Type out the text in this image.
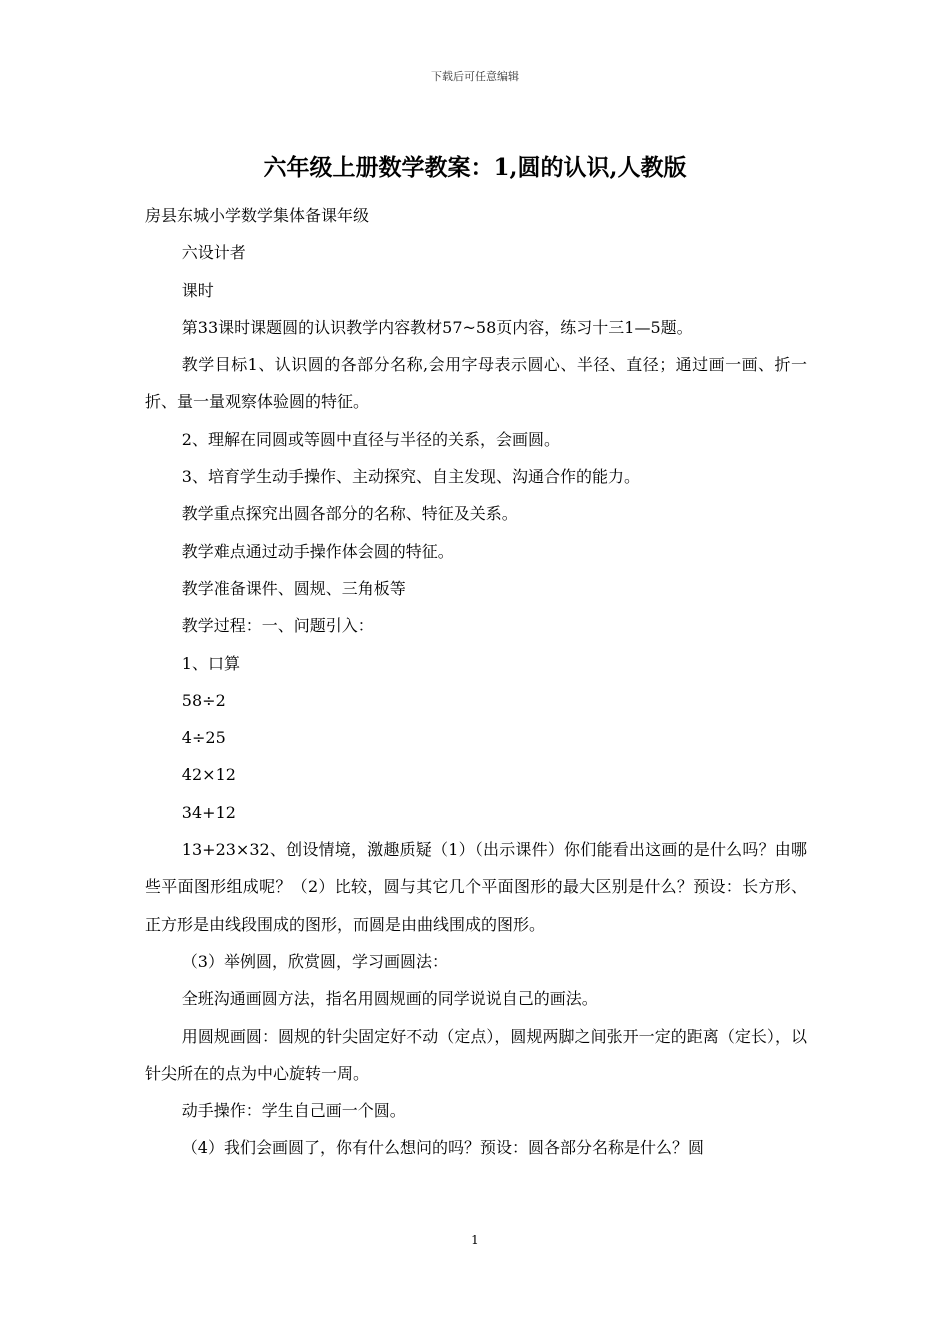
下载后可任意编辑
六年级上册数学教案：1,圆的认识,人教版

房县东城小学数学集体备课年级

六设计者

课时

第33课时课题圆的认识教学内容教材57~58页内容，练习十三1—5题。

教学目标1、认识圆的各部分名称,会用字母表示圆心、半径、直径；通过画一画、折一折、量一量观察体验圆的特征。

2、理解在同圆或等圆中直径与半径的关系，会画圆。

3、培育学生动手操作、主动探究、自主发现、沟通合作的能力。

教学重点探究出圆各部分的名称、特征及关系。

教学难点通过动手操作体会圆的特征。

教学准备课件、圆规、三角板等

教学过程：一、问题引入：

1、口算

58÷2

4÷25

42×12

34+12

13+23×32、创设情境，激趣质疑（1）（出示课件）你们能看出这画的是什么吗？由哪些平面图形组成呢？（2）比较，圆与其它几个平面图形的最大区别是什么？预设：长方形、正方形是由线段围成的图形，而圆是由曲线围成的图形。

（3）举例圆，欣赏圆，学习画圆法：

全班沟通画圆方法，指名用圆规画的同学说说自己的画法。

用圆规画圆：圆规的针尖固定好不动（定点），圆规两脚之间张开一定的距离（定长），以针尖所在的点为中心旋转一周。

动手操作：学生自己画一个圆。

（4）我们会画圆了，你有什么想问的吗？预设：圆各部分名称是什么？圆

1
